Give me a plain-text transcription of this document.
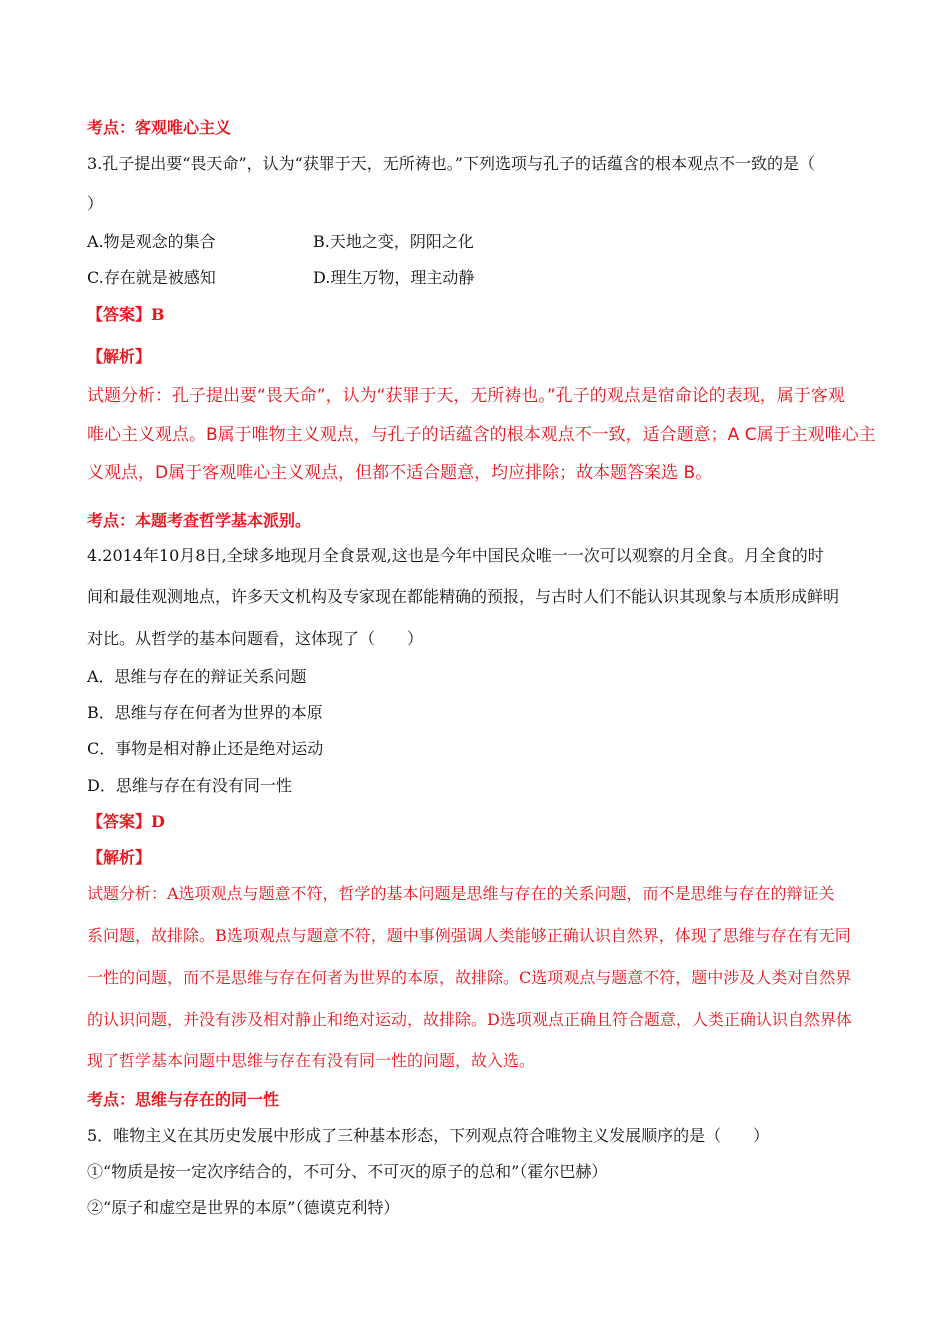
考点：客观唯心主义
3.孔子提出要“畏天命”，认为“获罪于天，无所祷也。”下列选项与孔子的话蕴含的根本观点不一致的是（
）
A.物是观念的集合	B.天地之变，阴阳之化
C.存在就是被感知	D.理生万物，理主动静
【答案】B
【解析】
试题分析：孔子提出要“畏天命”，认为“获罪于天，无所祷也。”孔子的观点是宿命论的表现，属于客观
唯心主义观点。B属于唯物主义观点，与孔子的话蕴含的根本观点不一致，适合题意；A C属于主观唯心主
义观点，D属于客观唯心主义观点，但都不适合题意，均应排除；故本题答案选 B。
考点：本题考查哲学基本派别。
4.2014年10月8日,全球多地现月全食景观,这也是今年中国民众唯一一次可以观察的月全食。月全食的时
间和最佳观测地点，许多天文机构及专家现在都能精确的预报，与古时人们不能认识其现象与本质形成鲜明
对比。从哲学的基本问题看，这体现了（　　）
A．思维与存在的辩证关系问题
B．思维与存在何者为世界的本原
C．事物是相对静止还是绝对运动
D．思维与存在有没有同一性
【答案】D
【解析】
试题分析：A选项观点与题意不符，哲学的基本问题是思维与存在的关系问题，而不是思维与存在的辩证关
系问题，故排除。B选项观点与题意不符，题中事例强调人类能够正确认识自然界，体现了思维与存在有无同
一性的问题，而不是思维与存在何者为世界的本原，故排除。C选项观点与题意不符，题中涉及人类对自然界
的认识问题，并没有涉及相对静止和绝对运动，故排除。D选项观点正确且符合题意，人类正确认识自然界体
现了哲学基本问题中思维与存在有没有同一性的问题，故入选。
考点：思维与存在的同一性
5．唯物主义在其历史发展中形成了三种基本形态，下列观点符合唯物主义发展顺序的是（　　）
①“物质是按一定次序结合的，不可分、不可灭的原子的总和”（霍尔巴赫）
②“原子和虚空是世界的本原”（德谟克利特）
